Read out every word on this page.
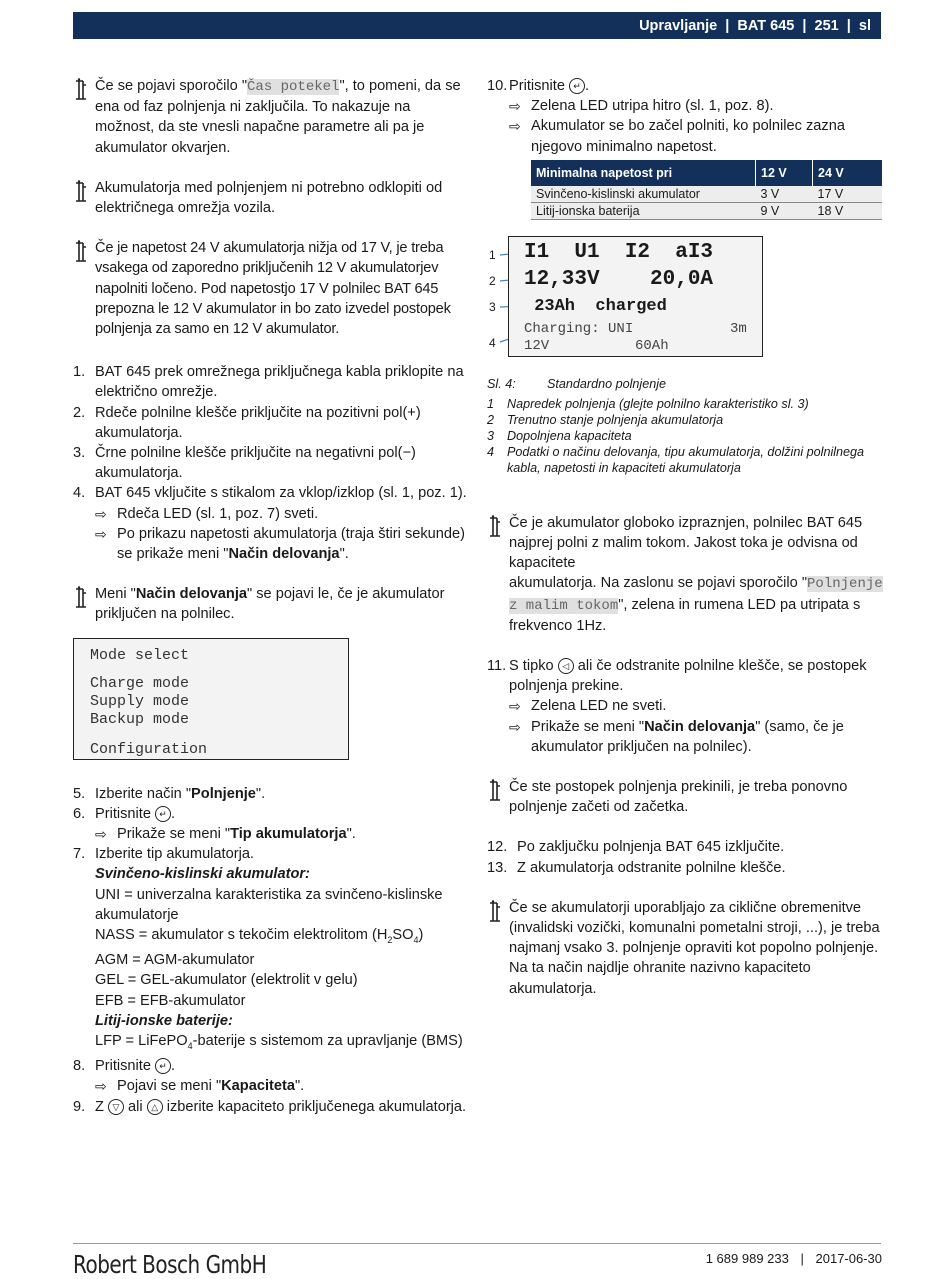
Upravljanje  |  BAT 645  |  251  |  sl

Če se pojavi sporočilo "Čas potekel", to pomeni, da se ena od faz polnjenja ni zaključila. To nakazuje na možnost, da ste vnesli napačne parametre ali pa je akumulator okvarjen.

Akumulatorja med polnjenjem ni potrebno odklopiti od električnega omrežja vozila.

Če je napetost 24 V akumulatorja nižja od 17 V, je treba vsakega od zaporedno priključenih 12 V akumulatorjev napolniti ločeno. Pod napetostjo 17 V polnilec BAT 645 prepozna le 12 V akumulator in bo zato izvedel postopek polnjenja za samo en 12 V akumulator.

1. BAT 645 prek omrežnega priključnega kabla priklopite na električno omrežje.

2. Rdeče polnilne klešče priključite na pozitivni pol(+) akumulatorja.

3. Črne polnilne klešče priključite na negativni pol(−) akumulatorja.

4. BAT 645 vključite s stikalom za vklop/izklop (sl. 1, poz. 1).

⇨ Rdeča LED (sl. 1, poz. 7) sveti.

⇨ Po prikazu napetosti akumulatorja (traja štiri sekunde) se prikaže meni "Način delovanja".

Meni "Način delovanja" se pojavi le, če je akumulator priključen na polnilec.

Mode select
Charge mode
Supply mode
Backup mode
Configuration
5. Izberite način "Polnjenje".

6. Pritisnite ↵ .

⇨ Prikaže se meni "Tip akumulatorja".

7. Izberite tip akumulatorja.

Svinčeno-kislinski akumulator:

UNI = univerzalna karakteristika za svinčeno-kislinske akumulatorje

NASS = akumulator s tekočim elektrolitom $(H_2SO_4)$

AGM = AGM-akumulator

GEL = GEL-akumulator (elektrolit v gelu)

EFB = EFB-akumulator

Litij-ionske baterije:

LFP = LiFePO$_4$-baterije s sistemom za upravljanje (BMS)

8. Pritisnite ↵ .

⇨ Pojavi se meni "Kapaciteta".

9. Z ▽ ali △ izberite kapaciteto priključenega akumulatorja.

10. Pritisnite ↵ .

⇨ Zelena LED utripa hitro (sl. 1, poz. 8).

⇨ Akumulator se bo začel polniti, ko polnilec zazna njegovo minimalno napetost.

Minimalna napetost pri	12 V	24 V
Svinčeno-kislinski akumulator	3 V	17 V
Litij-ionska baterija	9 V	18 V
1
2
3
4
I1  U1  I2  aI3
12,33V    20,0A
23Ah  charged
Charging: UNI	3m
12V	60Ah
Sl. 4: Standardno polnjenje
1 Napredek polnjenja (glejte polnilno karakteristiko sl. 3)
2 Trenutno stanje polnjenja akumulatorja
3 Dopolnjena kapaciteta
4 Podatki o načinu delovanja, tipu akumulatorja, dolžini polnilnega kabla, napetosti in kapaciteti akumulatorja

Če je akumulator globoko izpraznjen, polnilec BAT 645 najprej polni z malim tokom. Jakost toka je odvisna od kapacitete

akumulatorja. Na zaslonu se pojavi sporočilo "Polnjenje z malim tokom", zelena in rumena LED pa utripata s frekvenco 1Hz.

11. S tipko ◁ ali če odstranite polnilne klešče, se postopek polnjenja prekine.

⇨ Zelena LED ne sveti.

⇨ Prikaže se meni "Način delovanja" (samo, če je akumulator priključen na polnilec).

Če ste postopek polnjenja prekinili, je treba ponovno polnjenje začeti od začetka.

12. Po zaključku polnjenja BAT 645 izključite.

13. Z akumulatorja odstranite polnilne klešče.

Če se akumulatorji uporabljajo za ciklične obremenitve (invalidski vozički, komunalni pometalni stroji, ...), je treba najmanj vsako 3. polnjenje opraviti kot popolno polnjenje. Na ta način najdlje ohranite nazivno kapaciteto akumulatorja.

Robert Bosch GmbH	1 689 989 233 | 2017-06-30
